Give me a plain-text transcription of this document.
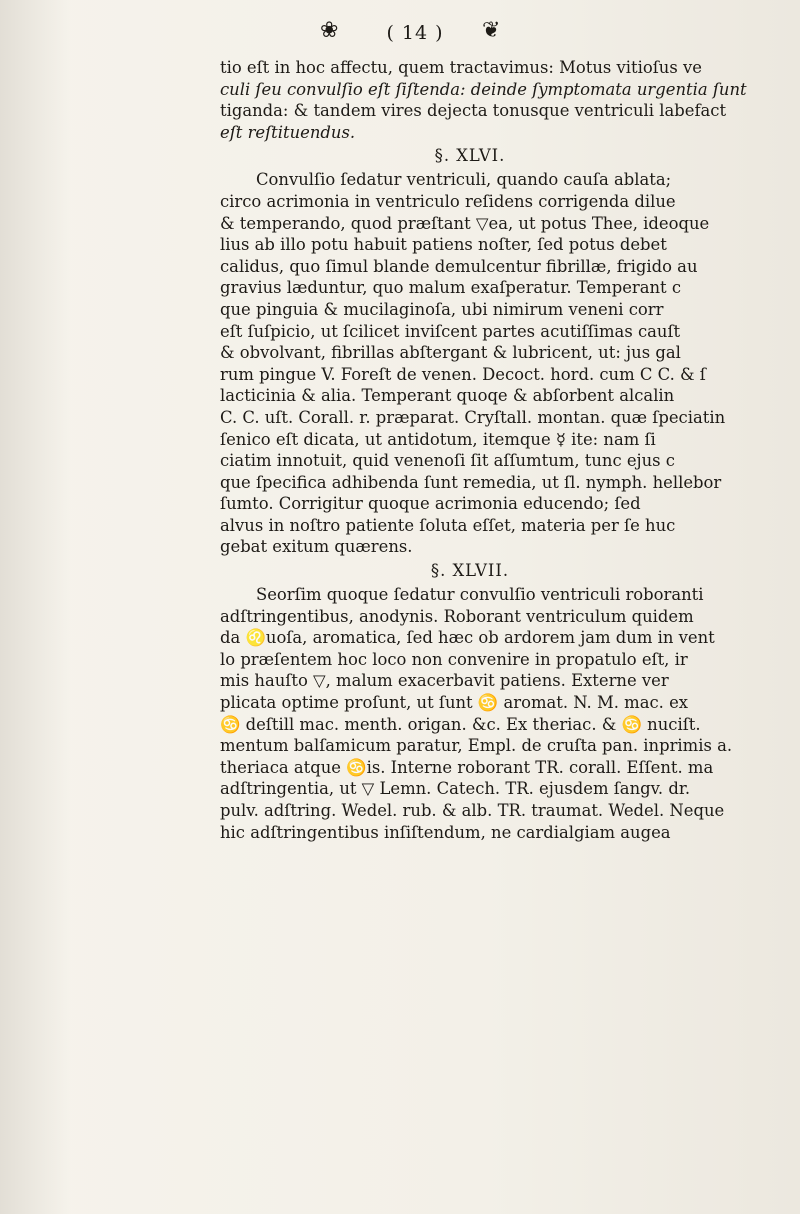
❀	( 14 ) ❦
tio eſt in hoc affectu, quem tractavimus: Motus vitioſus ve
culi ſeu convulſio eſt ſiſtenda: deinde ſymptomata urgentia ſunt
tiganda: & tandem vires dejecta tonusque ventriculi labefact
eſt reſtituendus.
§. XLVI.
Convulſio ſedatur ventriculi, quando cauſa ablata;
circo acrimonia in ventriculo reſidens corrigenda dilue
& temperando, quod præſtant ▽ea, ut potus Thee, ideoque
lius ab illo potu habuit patiens noſter, ſed potus debet
calidus, quo ſimul blande demulcentur fibrillæ, frigido au
gravius læduntur, quo malum exaſperatur. Temperant c
que pinguia & mucilaginoſa, ubi nimirum veneni corr
eſt ſuſpicio, ut ſcilicet inviſcent partes acutiſſimas cauſt
& obvolvant, fibrillas abſtergant & lubricent, ut: jus gal
rum pingue V. Foreſt de venen. Decoct. hord. cum C C. & ſ
lacticinia & alia. Temperant quoqe & abſorbent alcalin
C. C. uſt. Corall. r. præparat. Cryſtall. montan. quæ ſpeciatin
ſenico eſt dicata, ut antidotum, itemque ☿ ite: nam ſi
ciatim innotuit, quid venenoſi ſit aſſumtum, tunc ejus c
que ſpecifica adhibenda ſunt remedia, ut ſl. nymph. hellebor
ſumto. Corrigitur quoque acrimonia educendo; ſed
alvus in noſtro patiente ſoluta eſſet, materia per ſe huc
gebat exitum quærens.
§. XLVII.
Seorſim quoque ſedatur convulſio ventriculi roboranti
adſtringentibus, anodynis. Roborant ventriculum quidem
da ♌uoſa, aromatica, ſed hæc ob ardorem jam dum in vent
lo præſentem hoc loco non convenire in propatulo eſt, ir
mis hauſto ▽, malum exacerbavit patiens. Externe ver
plicata optime proſunt, ut ſunt ♋ aromat. N. M. mac. ex
♋ deſtill mac. menth. origan. &c. Ex theriac. & ♋ nuciſt.
mentum balſamicum paratur, Empl. de cruſta pan. inprimis a.
theriaca atque ♋is. Interne roborant TR. corall. Eſſent. ma
adſtringentia, ut ▽ Lemn. Catech. TR. ejusdem ſangv. dr.
pulv. adſtring. Wedel. rub. & alb. TR. traumat. Wedel. Neque
hic adſtringentibus inſiſtendum, ne cardialgiam augea
